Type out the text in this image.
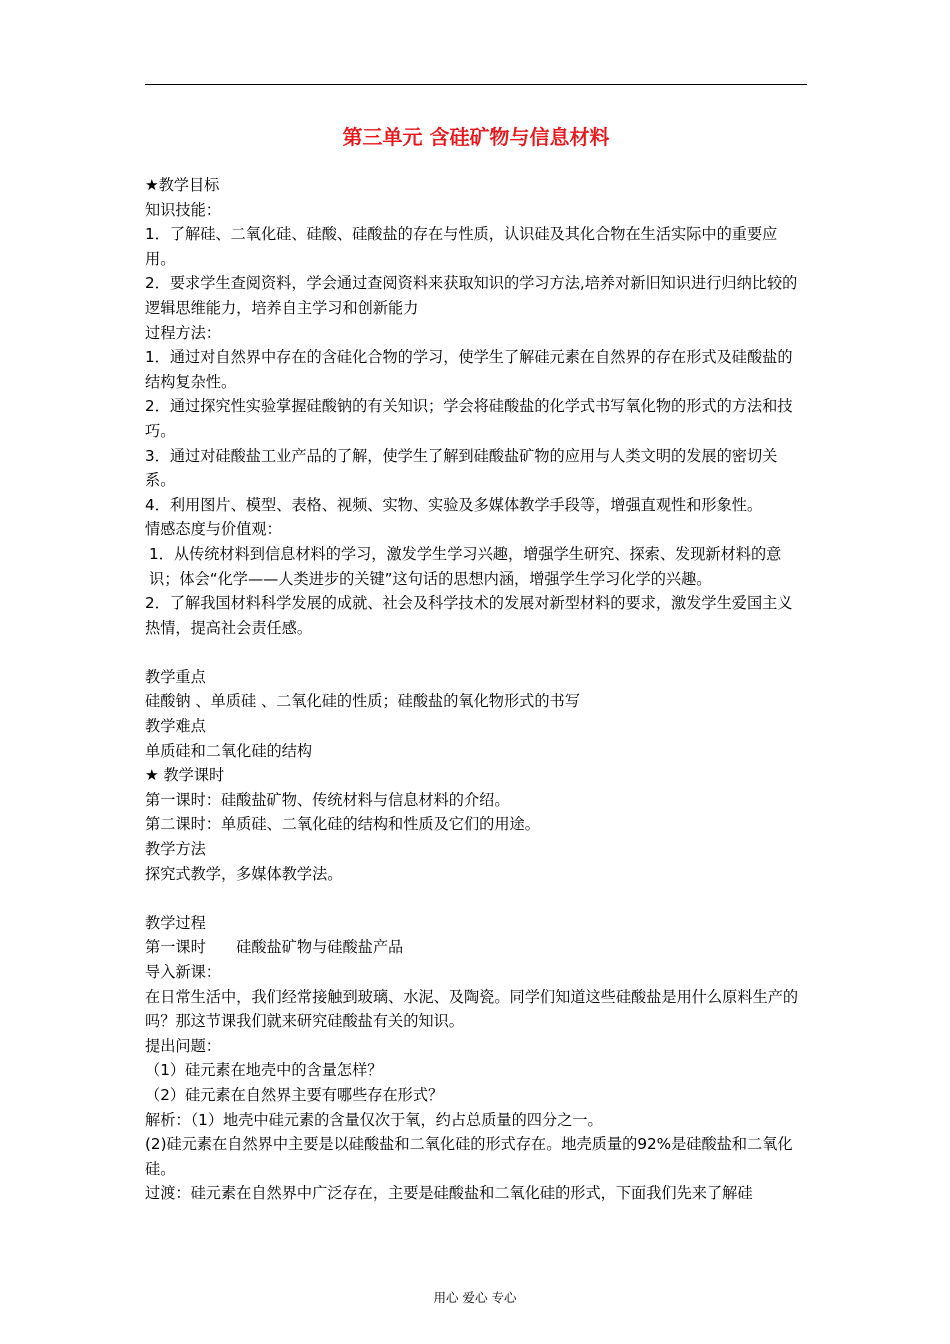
第三单元 含硅矿物与信息材料

★教学目标

知识技能：

1．了解硅、二氧化硅、硅酸、硅酸盐的存在与性质，认识硅及其化合物在生活实际中的重要应用。

2．要求学生查阅资料，学会通过查阅资料来获取知识的学习方法,培养对新旧知识进行归纳比较的逻辑思维能力，培养自主学习和创新能力

过程方法：

1．通过对自然界中存在的含硅化合物的学习，使学生了解硅元素在自然界的存在形式及硅酸盐的结构复杂性。

2．通过探究性实验掌握硅酸钠的有关知识；学会将硅酸盐的化学式书写氧化物的形式的方法和技巧。

3．通过对硅酸盐工业产品的了解，使学生了解到硅酸盐矿物的应用与人类文明的发展的密切关系。

4．利用图片、模型、表格、视频、实物、实验及多媒体教学手段等，增强直观性和形象性。

情感态度与价值观：

1．从传统材料到信息材料的学习，激发学生学习兴趣，增强学生研究、探索、发现新材料的意识；体会“化学——人类进步的关键”这句话的思想内涵，增强学生学习化学的兴趣。

2．了解我国材料科学发展的成就、社会及科学技术的发展对新型材料的要求，激发学生爱国主义热情，提高社会责任感。

教学重点

硅酸钠 、单质硅 、二氧化硅的性质；硅酸盐的氧化物形式的书写

教学难点

单质硅和二氧化硅的结构

★ 教学课时

第一课时：硅酸盐矿物、传统材料与信息材料的介绍。

第二课时：单质硅、二氧化硅的结构和性质及它们的用途。

教学方法

探究式教学，多媒体教学法。

教学过程

第一课时　　硅酸盐矿物与硅酸盐产品

导入新课：

在日常生活中，我们经常接触到玻璃、水泥、及陶瓷。同学们知道这些硅酸盐是用什么原料生产的吗？那这节课我们就来研究硅酸盐有关的知识。

提出问题：

（1）硅元素在地壳中的含量怎样？

（2）硅元素在自然界主要有哪些存在形式？

解析：（1）地壳中硅元素的含量仅次于氧，约占总质量的四分之一。

(2)硅元素在自然界中主要是以硅酸盐和二氧化硅的形式存在。地壳质量的92%是硅酸盐和二氧化硅。

过渡：硅元素在自然界中广泛存在，主要是硅酸盐和二氧化硅的形式，下面我们先来了解硅

用心 爱心 专心
